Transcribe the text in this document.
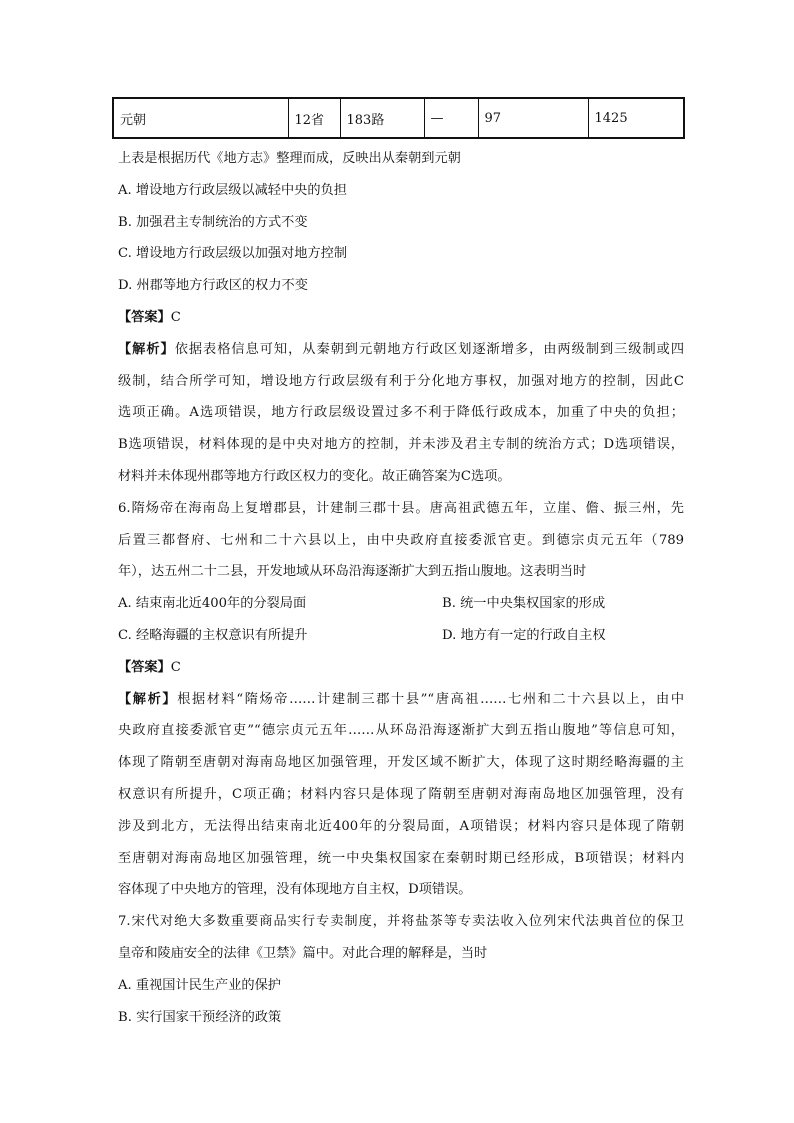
元朝	12省	183路	—	97	1425
上表是根据历代《地方志》整理而成，反映出从秦朝到元朝
A. 增设地方行政层级以减轻中央的负担
B. 加强君主专制统治的方式不变
C. 增设地方行政层级以加强对地方控制
D. 州郡等地方行政区的权力不变
【答案】C
【解析】依据表格信息可知，从秦朝到元朝地方行政区划逐渐增多，由两级制到三级制或四
级制，结合所学可知，增设地方行政层级有利于分化地方事权，加强对地方的控制，因此C
选项正确。A选项错误，地方行政层级设置过多不利于降低行政成本，加重了中央的负担；
B选项错误，材料体现的是中央对地方的控制，并未涉及君主专制的统治方式；D选项错误，
材料并未体现州郡等地方行政区权力的变化。故正确答案为C选项。
6.隋炀帝在海南岛上复增郡县，计建制三郡十县。唐高祖武德五年，立崖、儋、振三州，先
后置三都督府、七州和二十六县以上，由中央政府直接委派官吏。到德宗贞元五年（789
年），达五州二十二县，开发地域从环岛沿海逐渐扩大到五指山腹地。这表明当时
A. 结束南北近400年的分裂局面	B. 统一中央集权国家的形成
C. 经略海疆的主权意识有所提升	D. 地方有一定的行政自主权
【答案】C
【解析】根据材料“隋炀帝……计建制三郡十县”“唐高祖……七州和二十六县以上，由中
央政府直接委派官吏”“德宗贞元五年……从环岛沿海逐渐扩大到五指山腹地”等信息可知，
体现了隋朝至唐朝对海南岛地区加强管理，开发区域不断扩大，体现了这时期经略海疆的主
权意识有所提升，C项正确；材料内容只是体现了隋朝至唐朝对海南岛地区加强管理，没有
涉及到北方，无法得出结束南北近400年的分裂局面，A项错误；材料内容只是体现了隋朝
至唐朝对海南岛地区加强管理，统一中央集权国家在秦朝时期已经形成，B项错误；材料内
容体现了中央地方的管理，没有体现地方自主权，D项错误。
7.宋代对绝大多数重要商品实行专卖制度，并将盐茶等专卖法收入位列宋代法典首位的保卫
皇帝和陵庙安全的法律《卫禁》篇中。对此合理的解释是，当时
A. 重视国计民生产业的保护
B. 实行国家干预经济的政策
